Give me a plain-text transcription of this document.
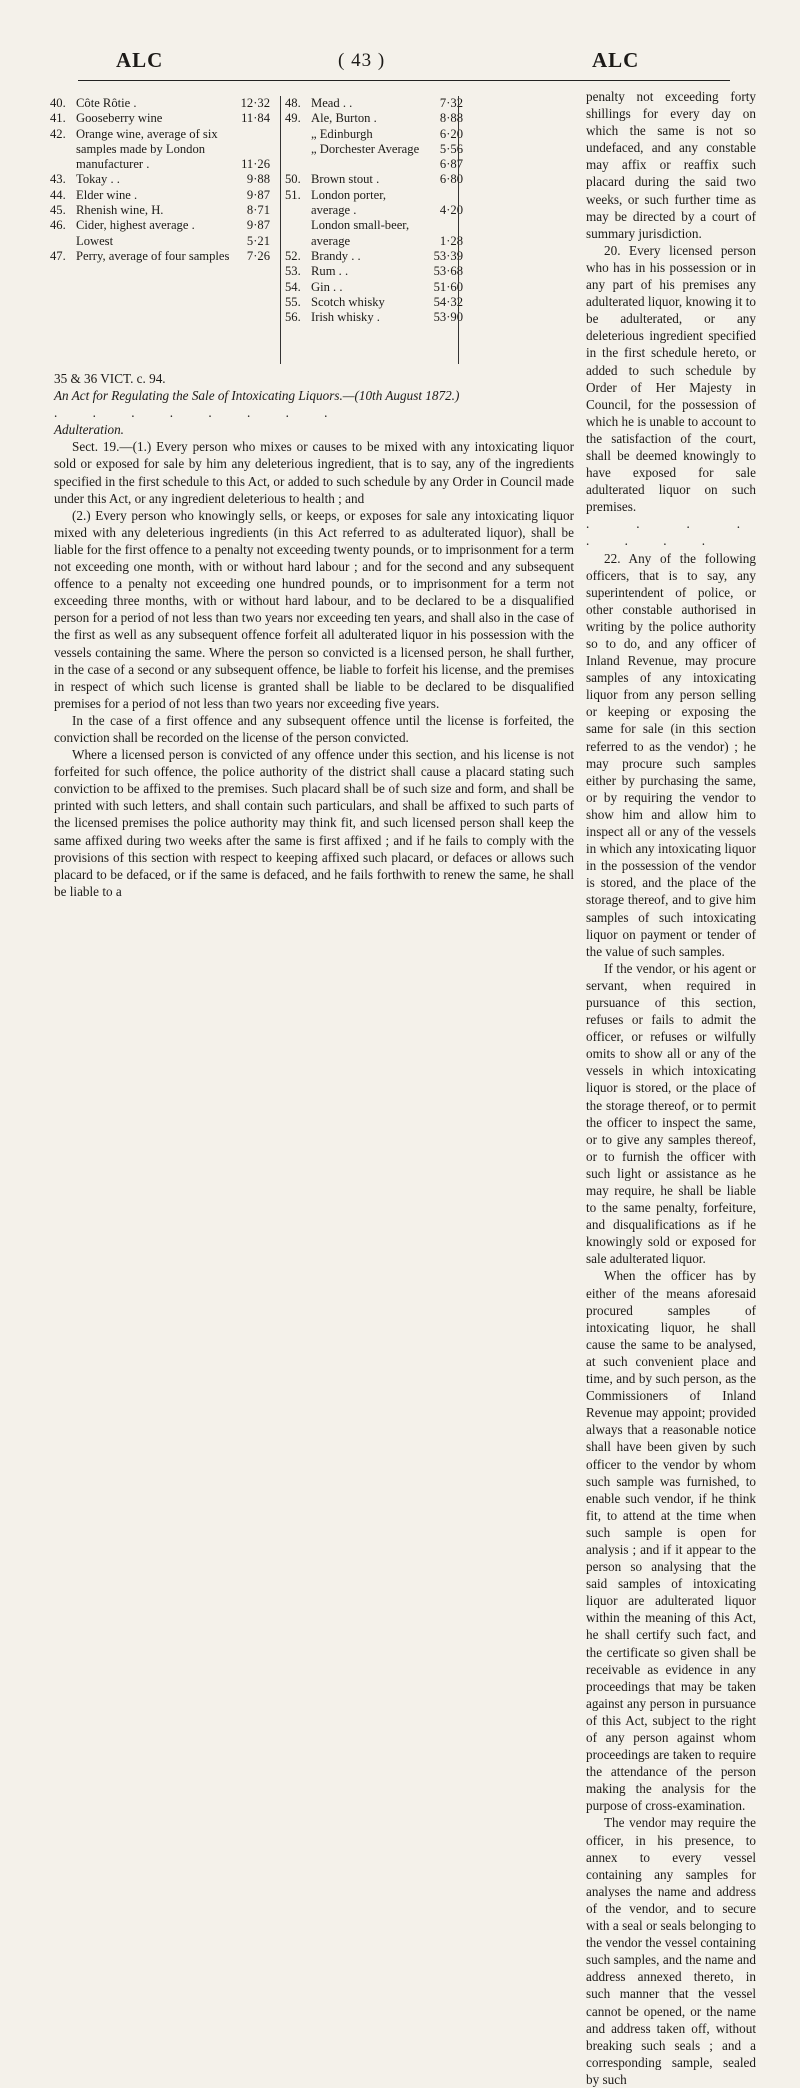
ALC	( 43 )	ALC
40. Côte Rôtie .	12·32
41. Gooseberry wine	11·84
42. Orange wine, average of six samples made by London manufacturer .	11·26
43. Tokay . .	9·88
44. Elder wine .	9·87
45. Rhenish wine, H.	8·71
46. Cider, highest average .	9·87
Lowest	5·21
47. Perry, average of four samples	7·26
48. Mead . .	7·32
49. Ale, Burton .	8·88
„ Edinburgh	6·20
„ Dorchester Average	5·56
6·87
50. Brown stout .	6·80
51. London porter, average .	4·20
London small-beer, average	1·28
52. Brandy . .	53·39
53. Rum . .	53·68
54. Gin . .	51·60
55. Scotch whisky	54·32
56. Irish whisky .	53·90

35 & 36 VICT. c. 94.

An Act for Regulating the Sale of Intoxicating Liquors.—(10th August 1872.)

. . . . . . . .

Adulteration.

Sect. 19.—(1.) Every person who mixes or causes to be mixed with any intoxicating liquor sold or exposed for sale by him any deleterious ingredient, that is to say, any of the ingredients specified in the first schedule to this Act, or added to such schedule by any Order in Council made under this Act, or any ingredient deleterious to health ; and

(2.) Every person who knowingly sells, or keeps, or exposes for sale any intoxicating liquor mixed with any deleterious ingredients (in this Act referred to as adulterated liquor), shall be liable for the first offence to a penalty not exceeding twenty pounds, or to imprisonment for a term not exceeding one month, with or without hard labour ; and for the second and any subsequent offence to a penalty not exceeding one hundred pounds, or to imprisonment for a term not exceeding three months, with or without hard labour, and to be declared to be a disqualified person for a period of not less than two years nor exceeding ten years, and shall also in the case of the first as well as any subsequent offence forfeit all adulterated liquor in his possession with the vessels containing the same. Where the person so convicted is a licensed person, he shall further, in the case of a second or any subsequent offence, be liable to forfeit his license, and the premises in respect of which such license is granted shall be liable to be declared to be disqualified premises for a period of not less than two years nor exceeding five years.

In the case of a first offence and any subsequent offence until the license is forfeited, the conviction shall be recorded on the license of the person convicted.

Where a licensed person is convicted of any offence under this section, and his license is not forfeited for such offence, the police authority of the district shall cause a placard stating such conviction to be affixed to the premises. Such placard shall be of such size and form, and shall be printed with such letters, and shall contain such particulars, and shall be affixed to such parts of the licensed premises the police authority may think fit, and such licensed person shall keep the same affixed during two weeks after the same is first affixed ; and if he fails to comply with the provisions of this section with respect to keeping affixed such placard, or defaces or allows such placard to be defaced, or if the same is defaced, and he fails forthwith to renew the same, he shall be liable to a

penalty not exceeding forty shillings for every day on which the same is not so undefaced, and any constable may affix or reaffix such placard during the said two weeks, or such further time as may be directed by a court of summary jurisdiction.

20. Every licensed person who has in his possession or in any part of his premises any adulterated liquor, knowing it to be adulterated, or any deleterious ingredient specified in the first schedule hereto, or added to such schedule by Order of Her Majesty in Council, for the possession of which he is unable to account to the satisfaction of the court, shall be deemed knowingly to have exposed for sale adulterated liquor on such premises.

. . . . . . . .

22. Any of the following officers, that is to say, any superintendent of police, or other constable authorised in writing by the police authority so to do, and any officer of Inland Revenue, may procure samples of any intoxicating liquor from any person selling or keeping or exposing the same for sale (in this section referred to as the vendor) ; he may procure such samples either by purchasing the same, or by requiring the vendor to show him and allow him to inspect all or any of the vessels in which any intoxicating liquor in the possession of the vendor is stored, and the place of the storage thereof, and to give him samples of such intoxicating liquor on payment or tender of the value of such samples.

If the vendor, or his agent or servant, when required in pursuance of this section, refuses or fails to admit the officer, or refuses or wilfully omits to show all or any of the vessels in which intoxicating liquor is stored, or the place of the storage thereof, or to permit the officer to inspect the same, or to give any samples thereof, or to furnish the officer with such light or assistance as he may require, he shall be liable to the same penalty, forfeiture, and disqualifications as if he knowingly sold or exposed for sale adulterated liquor.

When the officer has by either of the means aforesaid procured samples of intoxicating liquor, he shall cause the same to be analysed, at such convenient place and time, and by such person, as the Commissioners of Inland Revenue may appoint; provided always that a reasonable notice shall have been given by such officer to the vendor by whom such sample was furnished, to enable such vendor, if he think fit, to attend at the time when such sample is open for analysis ; and if it appear to the person so analysing that the said samples of intoxicating liquor are adulterated liquor within the meaning of this Act, he shall certify such fact, and the certificate so given shall be receivable as evidence in any proceedings that may be taken against any person in pursuance of this Act, subject to the right of any person against whom proceedings are taken to require the attendance of the person making the analysis for the purpose of cross-examination.

The vendor may require the officer, in his presence, to annex to every vessel containing any samples for analyses the name and address of the vendor, and to secure with a seal or seals belonging to the vendor the vessel containing such samples, and the name and address annexed thereto, in such manner that the vessel cannot be opened, or the name and address taken off, without breaking such seals ; and a corresponding sample, sealed by such
